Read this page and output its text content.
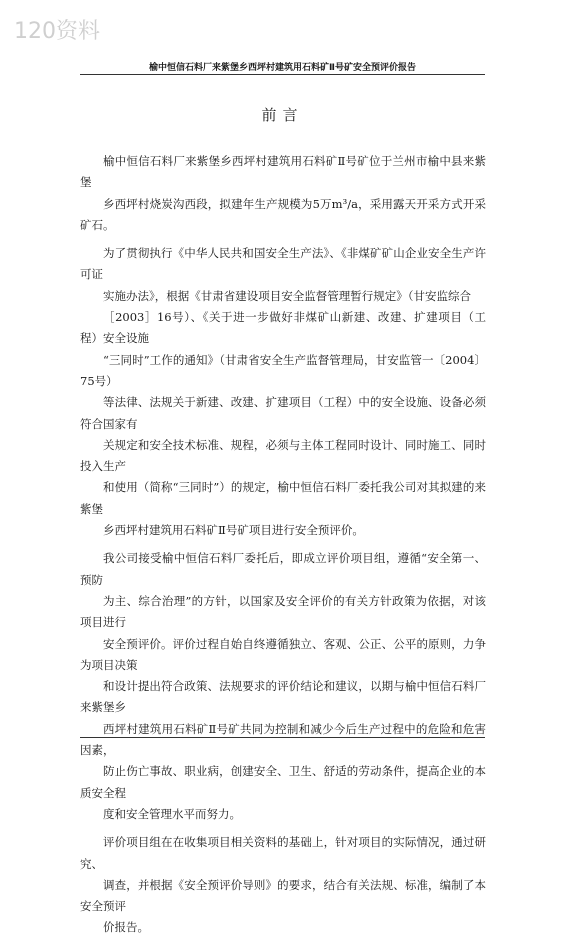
120资料
榆中恒信石料厂来紫堡乡西坪村建筑用石料矿Ⅱ号矿安全预评价报告
前言

榆中恒信石料厂来紫堡乡西坪村建筑用石料矿Ⅱ号矿位于兰州市榆中县来紫堡
乡西坪村烧炭沟西段，拟建年生产规模为5万m³/a，采用露天开采方式开采矿石。

为了贯彻执行《中华人民共和国安全生产法》、《非煤矿矿山企业安全生产许可证
实施办法》，根据《甘肃省建设项目安全监督管理暂行规定》（甘安监综合
［2003］16号）、《关于进一步做好非煤矿山新建、改建、扩建项目（工程）安全设施
“三同时”工作的通知》（甘肃省安全生产监督管理局，甘安监管一〔2004〕75号）
等法律、法规关于新建、改建、扩建项目（工程）中的安全设施、设备必须符合国家有
关规定和安全技术标准、规程，必须与主体工程同时设计、同时施工、同时投入生产
和使用（简称“三同时”）的规定，榆中恒信石料厂委托我公司对其拟建的来紫堡
乡西坪村建筑用石料矿Ⅱ号矿项目进行安全预评价。

我公司接受榆中恒信石料厂委托后，即成立评价项目组，遵循“安全第一、预防
为主、综合治理”的方针，以国家及安全评价的有关方针政策为依据，对该项目进行
安全预评价。评价过程自始自终遵循独立、客观、公正、公平的原则，力争为项目决策
和设计提出符合政策、法规要求的评价结论和建议，以期与榆中恒信石料厂来紫堡乡
西坪村建筑用石料矿Ⅱ号矿共同为控制和减少今后生产过程中的危险和危害因素，
防止伤亡事故、职业病，创建安全、卫生、舒适的劳动条件，提高企业的本质安全程
度和安全管理水平而努力。

评价项目组在在收集项目相关资料的基础上，针对项目的实际情况，通过研究、
调查，并根据《安全预评价导则》的要求，结合有关法规、标准，编制了本安全预评
价报告。
